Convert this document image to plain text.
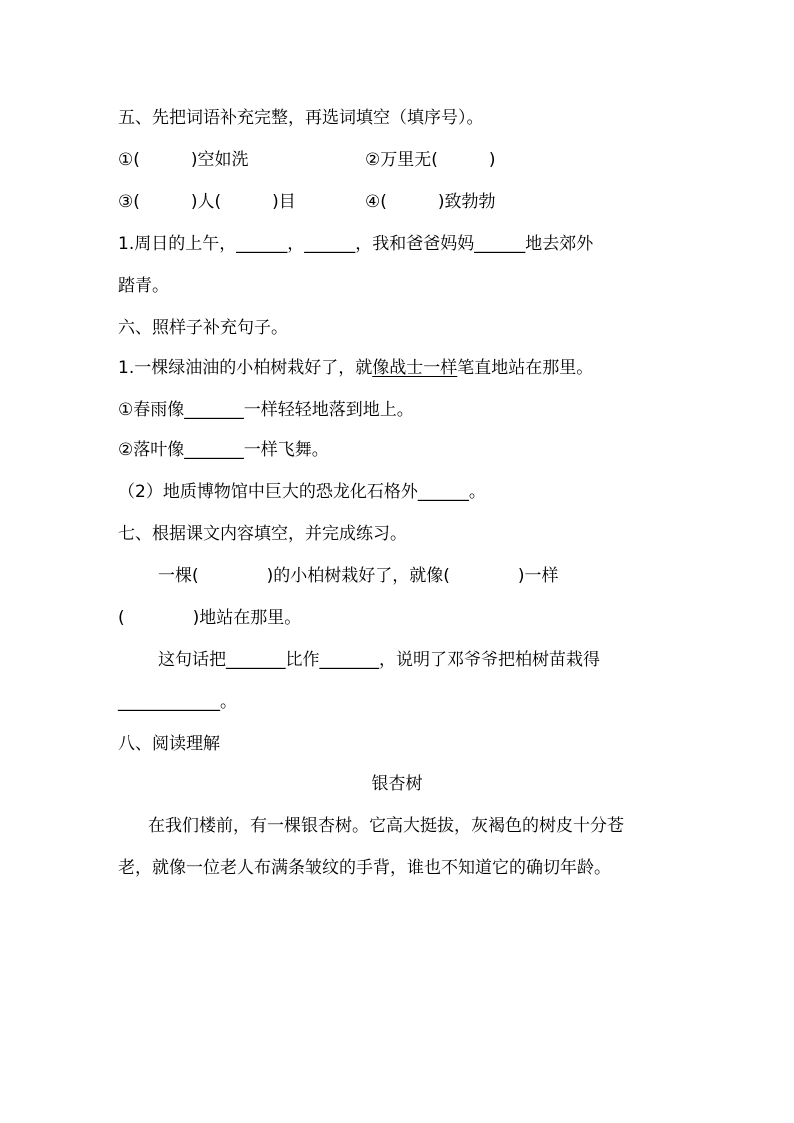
五、先把词语补充完整，再选词填空（填序号）。
①(　　　)空如洗	②万里无(　　　)
③(　　　)人(　　　)目	④(　　　)致勃勃
1.周日的上午，______，______，我和爸爸妈妈______地去郊外
踏青。
六、照样子补充句子。
1.一棵绿油油的小柏树栽好了，就像战士一样笔直地站在那里。
①春雨像_______一样轻轻地落到地上。
②落叶像_______一样飞舞。
（2）地质博物馆中巨大的恐龙化石格外______。
七、根据课文内容填空，并完成练习。
一棵(　　　　)的小柏树栽好了，就像(　　　　)一样
(　　　　)地站在那里。
这句话把_______比作_______，说明了邓爷爷把柏树苗栽得
____________。
八、阅读理解
银杏树
在我们楼前，有一棵银杏树。它高大挺拔，灰褐色的树皮十分苍
老，就像一位老人布满条皱纹的手背，谁也不知道它的确切年龄。
